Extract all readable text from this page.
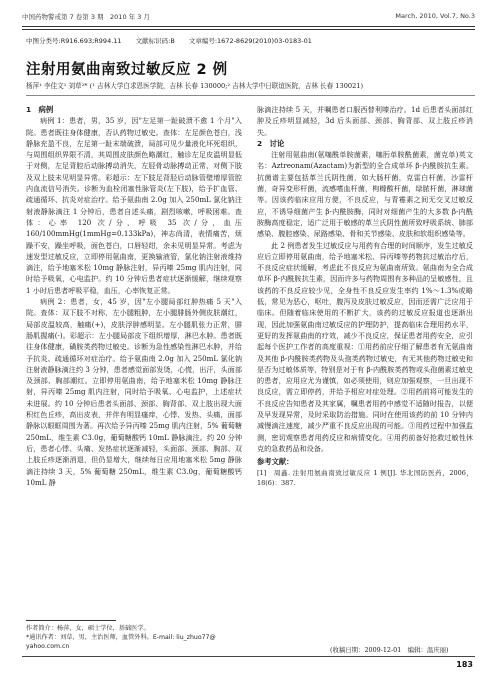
中国药物警戒第 7 卷第 3 期　2010 年 3 月	March, 2010, Vol.7, No.3
中图分类号:R916.693;R994.11 文献标识码:B 文章编号:1672-8629(2010)03-0183-01
注射用氨曲南致过敏反应 2 例
杨萍¹ 李佳文¹ 刘草²* (¹ 吉林大学白求恩医学院，吉林 长春 130000;² 吉林大学中日联谊医院，吉林 长春 130021)

1　病例

病例 1：患者，男，35 岁，因"左足第一趾破溃不愈 1 个月"入院。患者既往身体健康，否认药物过敏史。查体：左足颜色苍白，浅静脉充盈不良，左足第一趾末端破溃，局部可见少量液化坏死组织，与周围组织界限不清，其周围皮肤颜色略潮红，触诊左足皮温明显低于对侧，左足背腔后动脉搏动消失，左胫骨动脉搏动正常，对侧下肢及双上肢未见明显异常。彩超示：左下肢足背胫后动脉管壁增厚管腔内血流信号消失。诊断为血栓闭塞性脉管炎(左下肢)，给予扩血管、疏通循环、抗炎对症治疗。给予氨曲南 2.0g 加入 250mL 氯化钠注射液静脉滴注 1 分钟后，患者自述头痛，剧烈咳嗽，呼吸困难。查体：心率 120 次/分，呼吸 35 次/分，血压 160/100mmHg(1mmHg=0.133kPa)，神志尚清，表情痛苦，烦躁不安，躁坐呼吸，面色苍白，口唇轻绀，余未见明显异常。考虑为速发型过敏反应，立即停用氨曲南，更换输液管，氯化钠注射液维持滴注，给予地塞米松 10mg 静脉注射，异丙嗪 25mg 肌内注射，同时给予吸氧，心电监护。约 10 分钟后患者症状逐渐缓解，继续观察 1 小时后患者呼吸平稳，血压，心率恢复正常。

病例 2：患者，女，45 岁，因"左小腿局部红肿热痛 5 天"入院。查体：双下肢不对称，左小腿粗肿，左小腿腓肠外侧皮肤潮红，局部皮温较高，触痛(+)，皮肤浮肿感明显。左小腿肌张力正常，腓肠肌握痛(-)。彩超示：左小腿局部皮下组织增厚，淋巴水肿。患者既往身体健康，磺胺类药物过敏史。诊断为急性感染性淋巴水肿，并给予抗炎、疏通循环对症治疗。给予氨曲南 2.0g 加入 250mL 氯化钠注射液静脉滴注约 3 分钟，患者感觉面部发烫，心慌，出汗，头面部及颈部、胸部潮红。立即停用氨曲南，给予地塞米松 10mg 静脉注射，异丙嗪 25mg 肌内注射，同时给予吸氧、心电监护，上述症状未进展。约 10 分钟后患者头面部、颈部、胸背部、双上肢出现大面积红色丘疹，高出皮表，并伴有明显瘙痒，心悸、发热、头痛，面部静脉以眼眶周围为著。再次给予异丙嗪 25mg 肌内注射，5% 葡萄糖 250mL，维生素 C3.0g，葡萄糖酸钙 10mL 静脉滴注。约 20 分钟后，患者心悸、头痛、发热症状逐渐减轻，头面部、颈部、胸部、双上肢丘疹逐渐消退，但仍显增大，继续每日应用地塞米松 5mg 静脉滴注持续 3 天，5% 葡萄糖 250mL，维生素 C3.0g，葡萄糖酸钙 10mL 静

脉滴注持续 5 天，并嘱患者口服西替利嗪治疗。1d 后患者头面部红肿及丘疹明显减轻，3d 后头面部、颈部、胸背部、双上肢丘疹消失。

2　讨论

注射用氨曲南(氨噻酰单胺菌素，噻肟单胺酰菌素，菌克单)英文名：Aztreonam(Azactam)为新型的全合成单环 β-内酰胺抗生素。抗菌谱主要包括革兰氏阴性菌，如大肠杆菌，克雷白杆菌，沙雷杆菌，奇异变形杆菌，流感嗜血杆菌，枸橼酸杆菌，绿脓杆菌，淋球菌等。因该药临床应用方便，不良反应，与青霉素之间无交叉过敏反应，不诱导细菌产生 β-内酰胺酶，同时对细菌产生的大多数 β-内酰胺酶高度稳定，适广泛用于敏感的革兰氏阴性菌所致呼吸系统、肺部感染、腹腔感染、尿路感染、骨和关节感染、皮肤和软组织感染等。

此 2 例患者发生过敏反应与用药有合理的时间顺序，发生过敏反应后立即停用氨曲南，给予地塞米松、异丙嗪等药物抗过敏治疗后，不良反应症状缓解，考虑此不良反应为氨曲南所致。氨曲南为全合成单环 β-内酰胺抗生素，因而许多与药物周围有多种品的呈敏感性，且该药的不良反应较少见，全身性不良反应发生率约 1%～1.3%或略低，常见为恶心，呕吐，腹泻及皮肤过敏反应，因而还需广泛应用于临床。但随着临床使用的不断扩大，该药的过敏反应报道也逐渐出现，因此加强氨曲南过敏反应的护理防护，提高临床合理用药水平，更好的发挥氨曲南的疗效，减少不良反应，保证患者用药安全，应引起每个医护工作者的高度重视：①用药前应仔细了解患者有无氨曲南及其他 β-内酰胺类药物及头孢类药物过敏史，有无其他药物过敏史和是否为过敏体质等，特别是对于有 β-内酰胺类药物或头孢菌素过敏史的患者，应用应尤为谨慎，如必须使用，则应加强观察，一旦出现不良反应，需立即停药，并给予相应对症处理。②用药前将可能发生的不良反应告知患者及其家属，嘱患者用药中感觉不适随时报告，以便及早发现异常，及时采取防治措施。同时在使用该药的前 10 分钟内减慢滴注速度，减少严重不良反应出现的可能。③用药过程中加强监测，密切观察患者用药反应和病情变化。④用药前备好抢救过敏性休克的急救药品和设备。

参考文献：

[1]　周鑫. 注射用氨曲南致过敏反应 1 例[J]. 华北国防医药，2006，18(6)：387.

作者简介：杨萍，女，硕士学位，基础医学。
*通讯作者：刘草，男，主治医师，血管外科。E-mail: liu_zhuo77@
yahoo.com.cn	(收稿日期：2009-12-01　编辑：温庆丽)
183
